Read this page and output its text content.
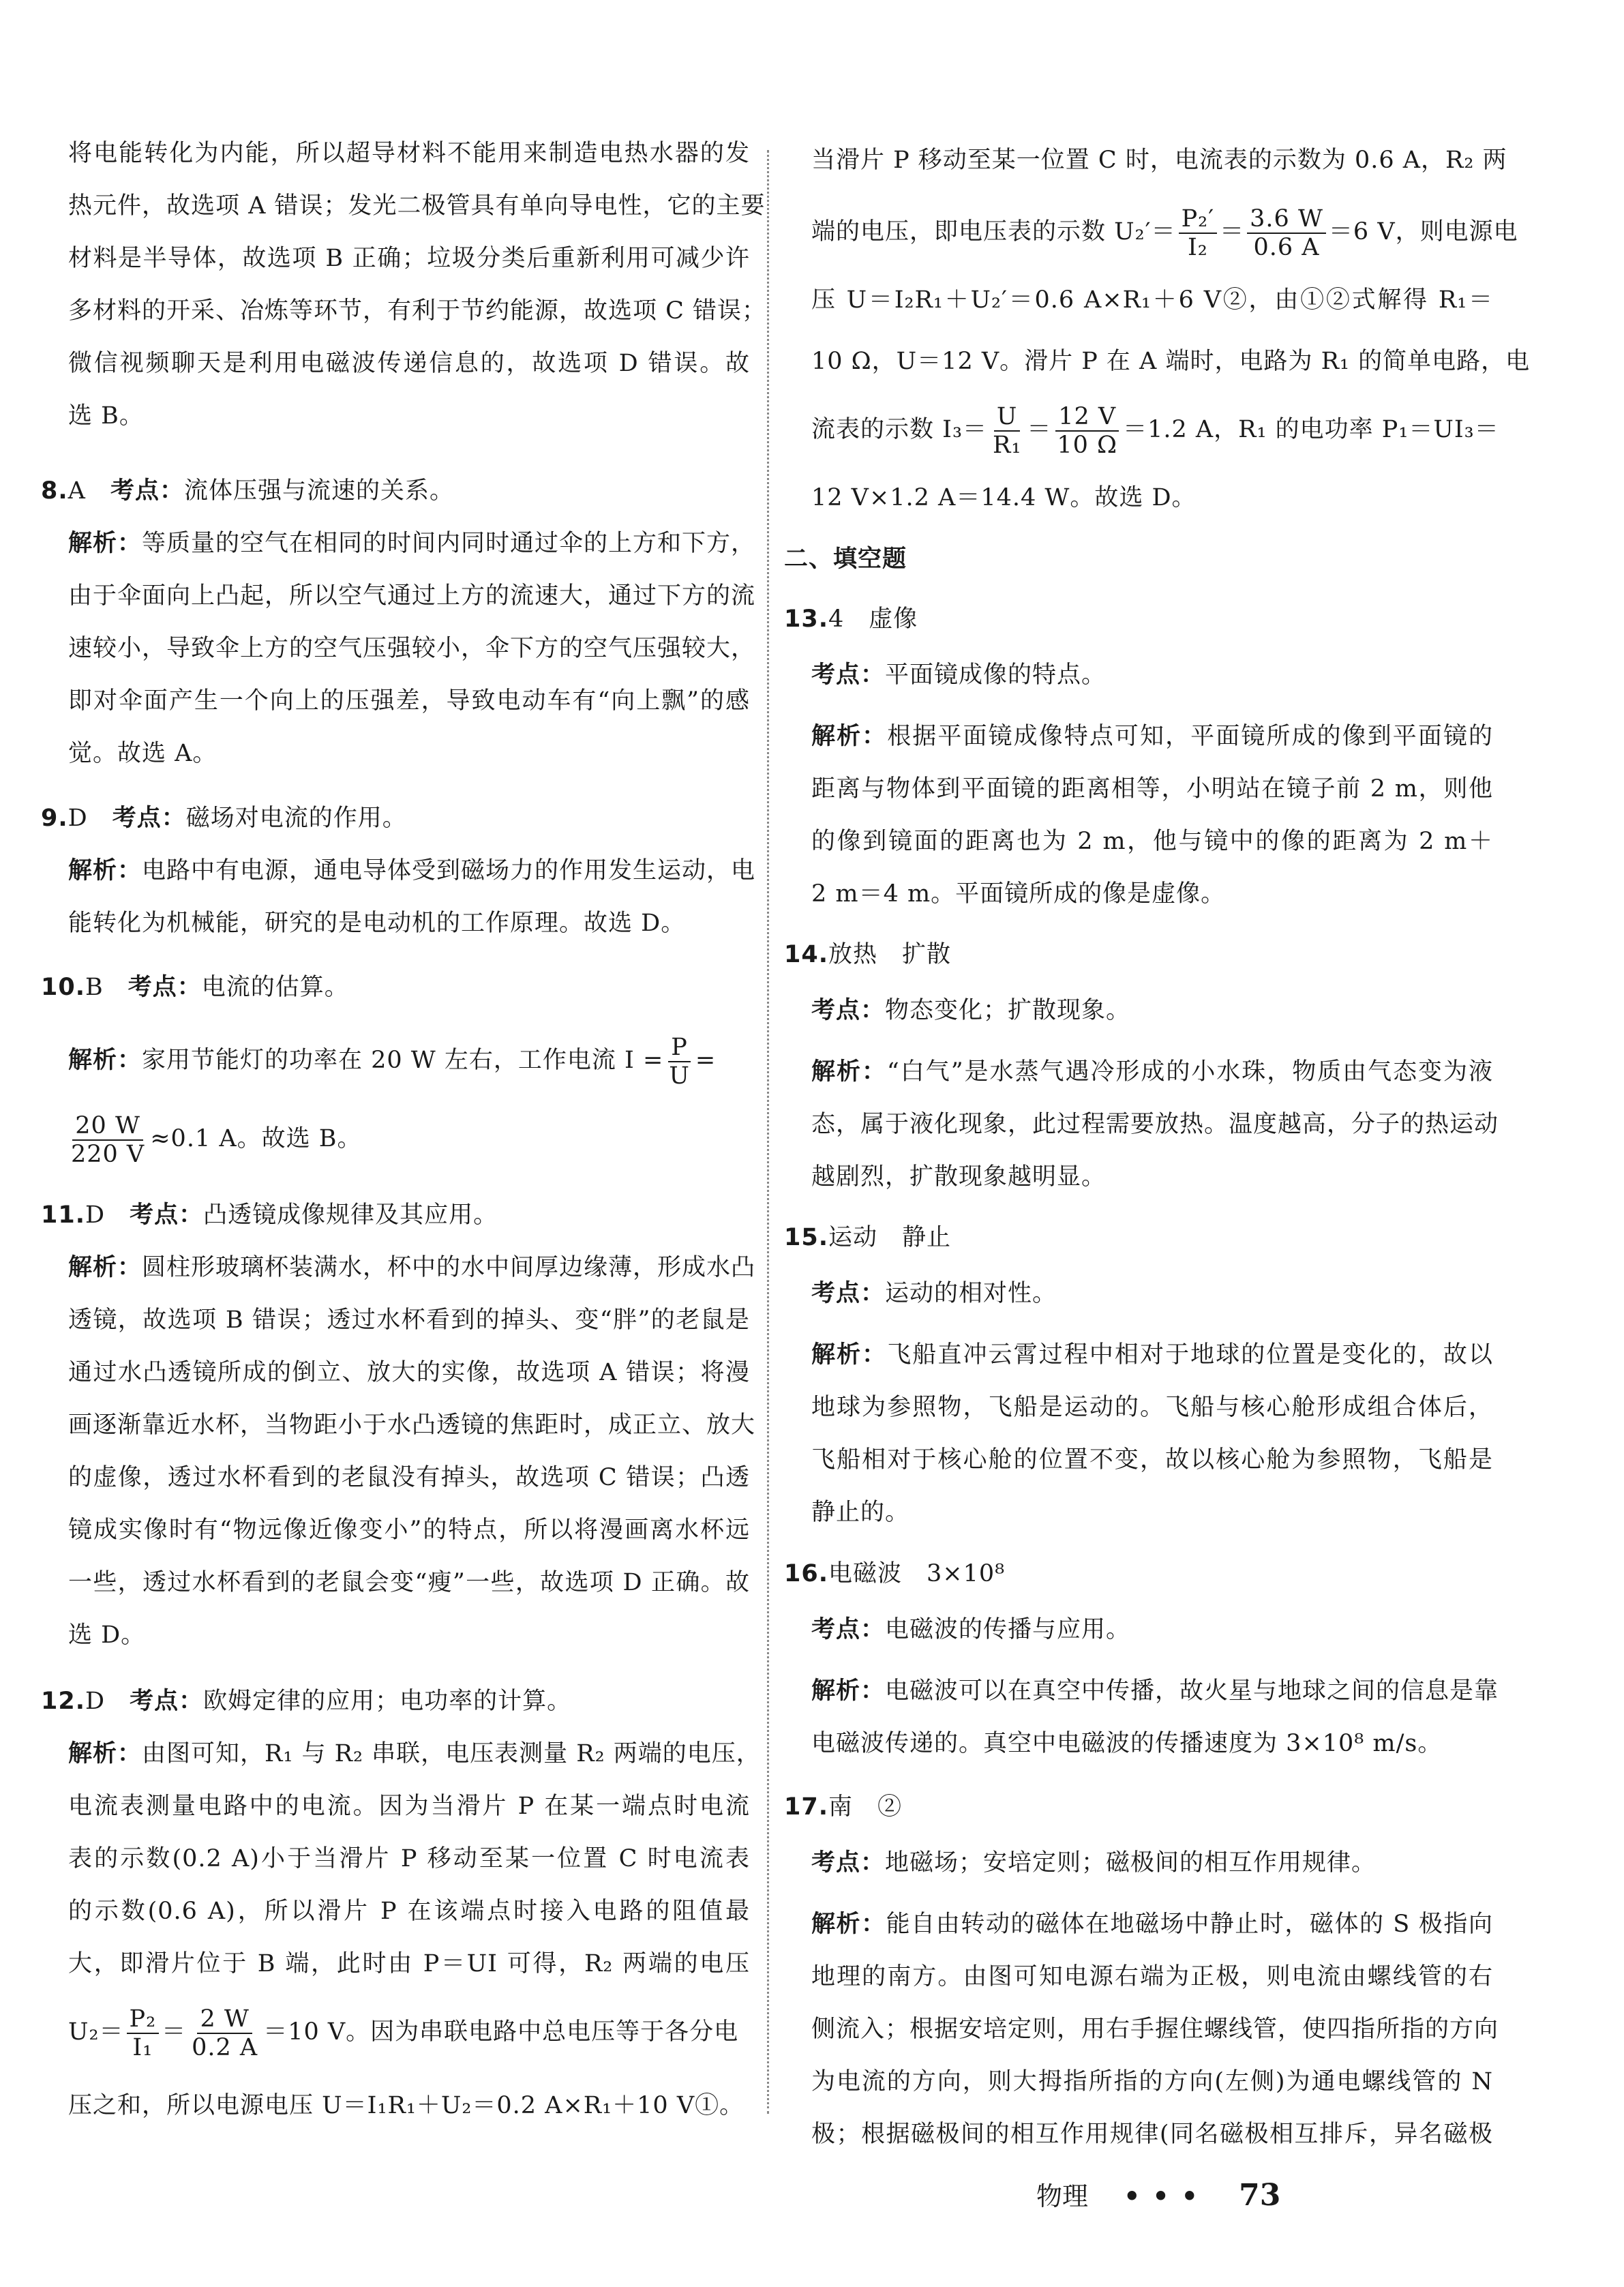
将电能转化为内能，所以超导材料不能用来制造电热水器的发
热元件，故选项 A 错误；发光二极管具有单向导电性，它的主要
材料是半导体，故选项 B 正确；垃圾分类后重新利用可减少许
多材料的开采、冶炼等环节，有利于节约能源，故选项 C 错误；
微信视频聊天是利用电磁波传递信息的，故选项 D 错误。故
选 B。
8.A　 考点：流体压强与流速的关系。
解析：等质量的空气在相同的时间内同时通过伞的上方和下方，
由于伞面向上凸起，所以空气通过上方的流速大，通过下方的流
速较小，导致伞上方的空气压强较小，伞下方的空气压强较大，
即对伞面产生一个向上的压强差，导致电动车有“向上飘”的感
觉。故选 A。
9.D　 考点：磁场对电流的作用。
解析：电路中有电源，通电导体受到磁场力的作用发生运动，电
能转化为机械能，研究的是电动机的工作原理。故选 D。
10.B　 考点：电流的估算。
解析：家用节能灯的功率在 20 W 左右，工作电流 $I = \frac{P}{U}$ =
$\frac{20 W}{220 V} \approx 0.1$ A。故选 B。
11.D　 考点：凸透镜成像规律及其应用。
解析：圆柱形玻璃杯装满水，杯中的水中间厚边缘薄，形成水凸
透镜，故选项 B 错误；透过水杯看到的掉头、变“胖”的老鼠是
通过水凸透镜所成的倒立、放大的实像，故选项 A 错误；将漫
画逐渐靠近水杯，当物距小于水凸透镜的焦距时，成正立、放大
的虚像，透过水杯看到的老鼠没有掉头，故选项 C 错误；凸透
镜成实像时有“物远像近像变小”的特点，所以将漫画离水杯远
一些，透过水杯看到的老鼠会变“瘦”一些，故选项 D 正确。故
选 D。
12.D　 考点：欧姆定律的应用；电功率的计算。
解析：由图可知，R₁ 与 R₂ 串联，电压表测量 R₂ 两端的电压，
电流表测量电路中的电流。因为当滑片 P 在某一端点时电流
表的示数(0.2 A)小于当滑片 P 移动至某一位置 C 时电流表
的示数(0.6 A)，所以滑片 P 在该端点时接入电路的阻值最
大，即滑片位于 B 端，此时由 P＝UI 可得，R₂ 两端的电压
$U_2= \frac{\text{P₂}}{\text{I₁}} = \frac{2 W}{0.2 A} =10$ V。因为串联电路中总电压等于各分电
压之和，所以电源电压 U＝I₁R₁＋U₂＝0.2 A×R₁＋10 V①。
当滑片 P 移动至某一位置 C 时，电流表的示数为 0.6 A，R₂ 两
端的电压，即电压表的示数 $U_2'= \frac{\text{P₂′}}{\text{I₂}} = \frac{3.6 W}{0.6 A} =6$ V，则电源电
压 U＝I₂R₁＋U₂′＝0.6 A×R₁＋6 V②，由①②式解得 R₁＝
10 Ω，U＝12 V。滑片 P 在 A 端时，电路为 R₁ 的简单电路，电
流表的示数 $I_3= \frac{U}{\text{R₁}} = \frac{12 V}{10 \Omega} =1.2$ A，R₁ 的电功率 P₁＝UI₃＝
12 V×1.2 A＝14.4 W。故选 D。
二、填空题
13.4　虚像
考点：平面镜成像的特点。
解析：根据平面镜成像特点可知，平面镜所成的像到平面镜的
距离与物体到平面镜的距离相等，小明站在镜子前 2 m，则他
的像到镜面的距离也为 2 m，他与镜中的像的距离为 2 m＋
2 m＝4 m。平面镜所成的像是虚像。
14.放热　扩散
考点：物态变化；扩散现象。
解析：“白气”是水蒸气遇冷形成的小水珠，物质由气态变为液
态，属于液化现象，此过程需要放热。温度越高，分子的热运动
越剧烈，扩散现象越明显。
15.运动　静止
考点：运动的相对性。
解析：飞船直冲云霄过程中相对于地球的位置是变化的，故以
地球为参照物，飞船是运动的。飞船与核心舱形成组合体后，
飞船相对于核心舱的位置不变，故以核心舱为参照物，飞船是
静止的。
16.电磁波　3×10⁸
考点：电磁波的传播与应用。
解析：电磁波可以在真空中传播，故火星与地球之间的信息是靠
电磁波传递的。真空中电磁波的传播速度为 3×10⁸ m/s。
17.南　②
考点：地磁场；安培定则；磁极间的相互作用规律。
解析：能自由转动的磁体在地磁场中静止时，磁体的 S 极指向
地理的南方。由图可知电源右端为正极，则电流由螺线管的右
侧流入；根据安培定则，用右手握住螺线管，使四指所指的方向
为电流的方向，则大拇指所指的方向(左侧)为通电螺线管的 N
极；根据磁极间的相互作用规律(同名磁极相互排斥，异名磁极
物理 ••• 73
